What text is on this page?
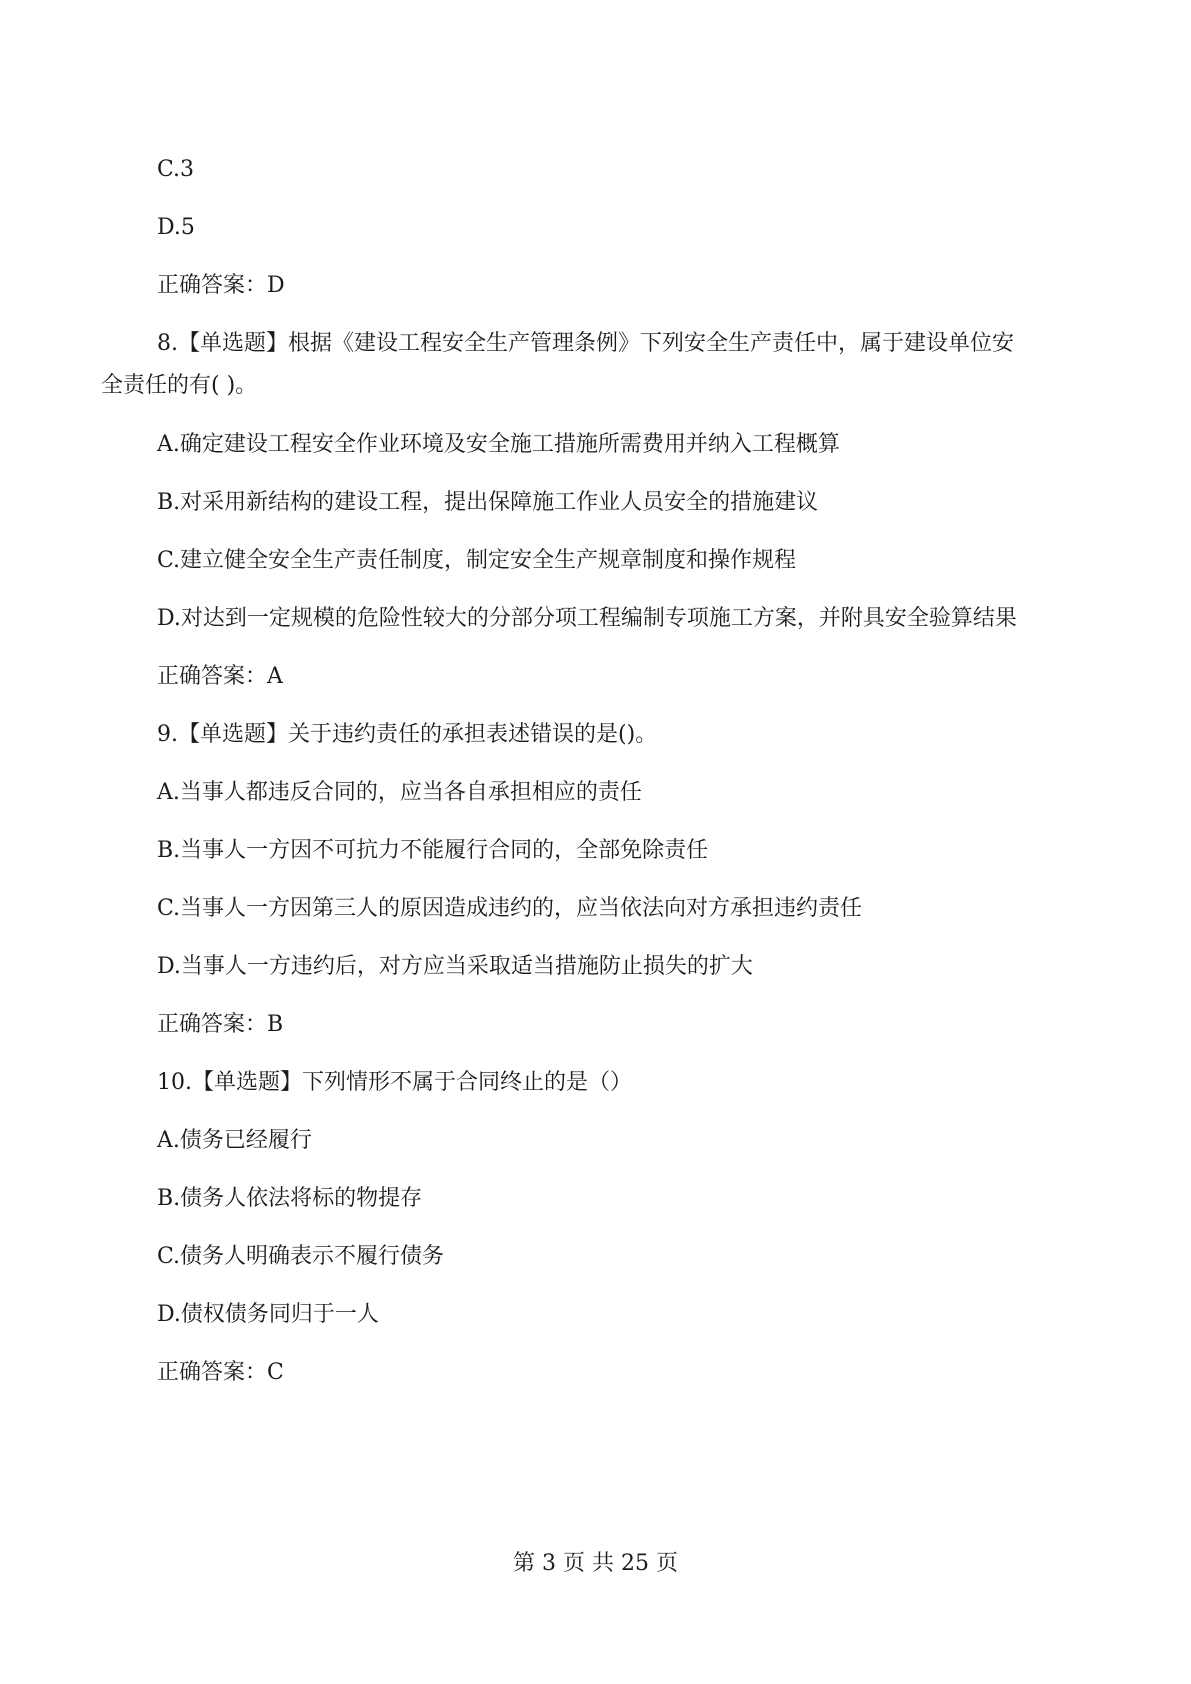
C.3
D.5
正确答案：D
8.【单选题】根据《建设工程安全生产管理条例》下列安全生产责任中，属于建设单位安
全责任的有( )。
A.确定建设工程安全作业环境及安全施工措施所需费用并纳入工程概算
B.对采用新结构的建设工程，提出保障施工作业人员安全的措施建议
C.建立健全安全生产责任制度，制定安全生产规章制度和操作规程
D.对达到一定规模的危险性较大的分部分项工程编制专项施工方案，并附具安全验算结果
正确答案：A
9.【单选题】关于违约责任的承担表述错误的是()。
A.当事人都违反合同的，应当各自承担相应的责任
B.当事人一方因不可抗力不能履行合同的，全部免除责任
C.当事人一方因第三人的原因造成违约的，应当依法向对方承担违约责任
D.当事人一方违约后，对方应当采取适当措施防止损失的扩大
正确答案：B
10.【单选题】下列情形不属于合同终止的是（）
A.债务已经履行
B.债务人依法将标的物提存
C.债务人明确表示不履行债务
D.债权债务同归于一人
正确答案：C
第 3 页 共 25 页
